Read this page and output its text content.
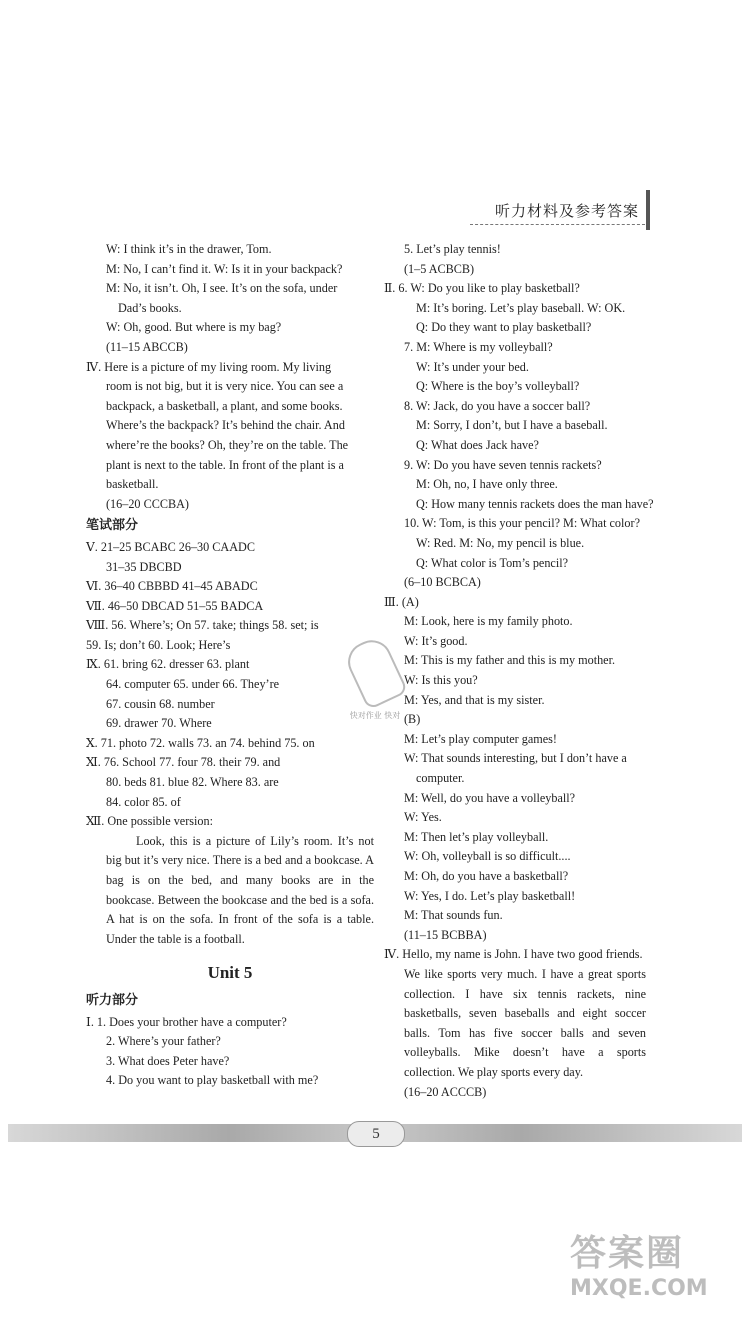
听力材料及参考答案

W: I think it’s in the drawer, Tom.

M: No, I can’t find it. W: Is it in your backpack?

M: No, it isn’t. Oh, I see. It’s on the sofa, under

Dad’s books.

W: Oh, good. But where is my bag?

(11–15 ABCCB)

Ⅳ. Here is a picture of my living room. My living

room is not big, but it is very nice. You can see a

backpack, a basketball, a plant, and some books.

Where’s the backpack? It’s behind the chair. And

where’re the books? Oh, they’re on the table. The

plant is next to the table. In front of the plant is a

basketball.

(16–20 CCCBA)

笔试部分

Ⅴ. 21–25 BCABC 26–30 CAADC

31–35 DBCBD

Ⅵ. 36–40 CBBBD 41–45 ABADC

Ⅶ. 46–50 DBCAD 51–55 BADCA

Ⅷ. 56. Where’s; On 57. take; things 58. set; is

59. Is; don’t 60. Look; Here’s

Ⅸ. 61. bring 62. dresser 63. plant

64. computer 65. under 66. They’re

67. cousin 68. number

69. drawer 70. Where

Ⅹ. 71. photo 72. walls 73. an 74. behind 75. on

Ⅺ. 76. School 77. four 78. their 79. and

80. beds 81. blue 82. Where 83. are

84. color 85. of

Ⅻ. One possible version:

Look, this is a picture of Lily’s room. It’s not big but it’s very nice. There is a bed and a bookcase. A bag is on the bed, and many books are in the bookcase. Between the bookcase and the bed is a sofa. A hat is on the sofa. In front of the sofa is a table. Under the table is a football.

Unit 5

听力部分

Ⅰ. 1. Does your brother have a computer?

2. Where’s your father?

3. What does Peter have?

4. Do you want to play basketball with me?

5. Let’s play tennis!

(1–5 ACBCB)

Ⅱ. 6. W: Do you like to play basketball?

M: It’s boring. Let’s play baseball. W: OK.

Q: Do they want to play basketball?

7. M: Where is my volleyball?

W: It’s under your bed.

Q: Where is the boy’s volleyball?

8. W: Jack, do you have a soccer ball?

M: Sorry, I don’t, but I have a baseball.

Q: What does Jack have?

9. W: Do you have seven tennis rackets?

M: Oh, no, I have only three.

Q: How many tennis rackets does the man have?

10. W: Tom, is this your pencil? M: What color?

W: Red. M: No, my pencil is blue.

Q: What color is Tom’s pencil?

(6–10 BCBCA)

Ⅲ. (A)

M: Look, here is my family photo.

W: It’s good.

M: This is my father and this is my mother.

W: Is this you?

M: Yes, and that is my sister.

(B)

M: Let’s play computer games!

W: That sounds interesting, but I don’t have a

computer.

M: Well, do you have a volleyball?

W: Yes.

M: Then let’s play volleyball.

W: Oh, volleyball is so difficult....

M: Oh, do you have a basketball?

W: Yes, I do. Let’s play basketball!

M: That sounds fun.

(11–15 BCBBA)

Ⅳ. Hello, my name is John. I have two good friends.

We like sports very much. I have a great sports collection. I have six tennis rackets, nine basketballs, seven baseballs and eight soccer balls. Tom has five soccer balls and seven volleyballs. Mike doesn’t have a sports collection. We play sports every day.

(16–20 ACCCB)

快对作业 快对
5
答案圈
MXQE.COM
